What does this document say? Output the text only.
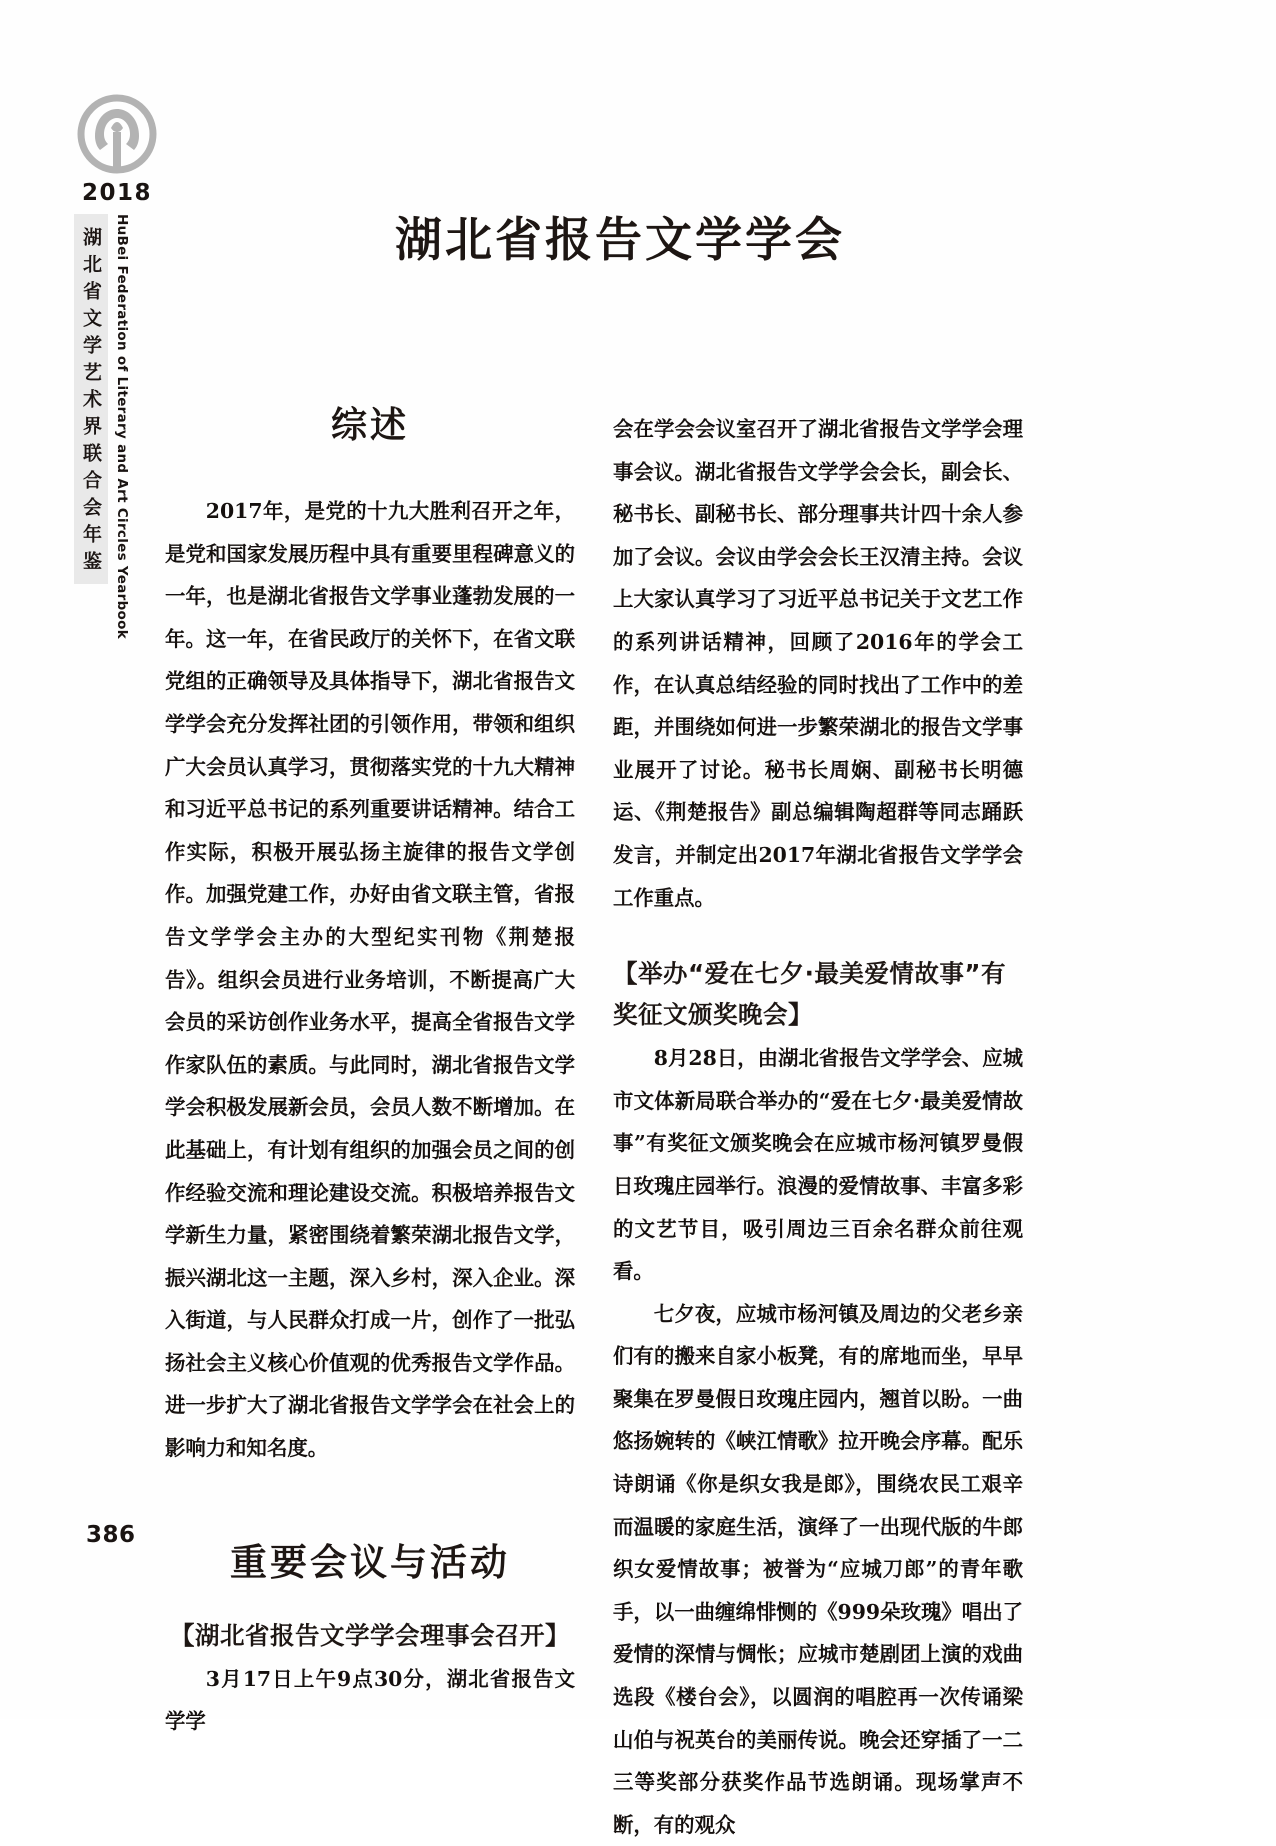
2018
湖北省文学艺术界联合会年鉴 HuBei Federation of Literary and Art Circles Yearbook
386
湖北省报告文学学会
综述

2017年，是党的十九大胜利召开之年，是党和国家发展历程中具有重要里程碑意义的一年，也是湖北省报告文学事业蓬勃发展的一年。这一年，在省民政厅的关怀下，在省文联党组的正确领导及具体指导下，湖北省报告文学学会充分发挥社团的引领作用，带领和组织广大会员认真学习，贯彻落实党的十九大精神和习近平总书记的系列重要讲话精神。结合工作实际，积极开展弘扬主旋律的报告文学创作。加强党建工作，办好由省文联主管，省报告文学学会主办的大型纪实刊物《荆楚报告》。组织会员进行业务培训，不断提高广大会员的采访创作业务水平，提高全省报告文学作家队伍的素质。与此同时，湖北省报告文学学会积极发展新会员，会员人数不断增加。在此基础上，有计划有组织的加强会员之间的创作经验交流和理论建设交流。积极培养报告文学新生力量，紧密围绕着繁荣湖北报告文学，振兴湖北这一主题，深入乡村，深入企业。深入街道，与人民群众打成一片，创作了一批弘扬社会主义核心价值观的优秀报告文学作品。进一步扩大了湖北省报告文学学会在社会上的影响力和知名度。

重要会议与活动
【湖北省报告文学学会理事会召开】

3月17日上午9点30分，湖北省报告文学学

会在学会会议室召开了湖北省报告文学学会理事会议。湖北省报告文学学会会长，副会长、秘书长、副秘书长、部分理事共计四十余人参加了会议。会议由学会会长王汉清主持。会议上大家认真学习了习近平总书记关于文艺工作的系列讲话精神，回顾了2016年的学会工作，在认真总结经验的同时找出了工作中的差距，并围绕如何进一步繁荣湖北的报告文学事业展开了讨论。秘书长周娴、副秘书长明德运、《荆楚报告》副总编辑陶超群等同志踊跃发言，并制定出2017年湖北省报告文学学会工作重点。

【举办“爱在七夕·最美爱情故事”有奖征文颁奖晚会】

8月28日，由湖北省报告文学学会、应城市文体新局联合举办的“爱在七夕·最美爱情故事”有奖征文颁奖晚会在应城市杨河镇罗曼假日玫瑰庄园举行。浪漫的爱情故事、丰富多彩的文艺节目，吸引周边三百余名群众前往观看。

七夕夜，应城市杨河镇及周边的父老乡亲们有的搬来自家小板凳，有的席地而坐，早早聚集在罗曼假日玫瑰庄园内，翘首以盼。一曲悠扬婉转的《峡江情歌》拉开晚会序幕。配乐诗朗诵《你是织女我是郎》，围绕农民工艰辛而温暖的家庭生活，演绎了一出现代版的牛郎织女爱情故事；被誉为“应城刀郎”的青年歌手，以一曲缠绵悱恻的《999朵玫瑰》唱出了爱情的深情与惆怅；应城市楚剧团上演的戏曲选段《楼台会》，以圆润的唱腔再一次传诵梁山伯与祝英台的美丽传说。晚会还穿插了一二三等奖部分获奖作品节选朗诵。现场掌声不断，有的观众
